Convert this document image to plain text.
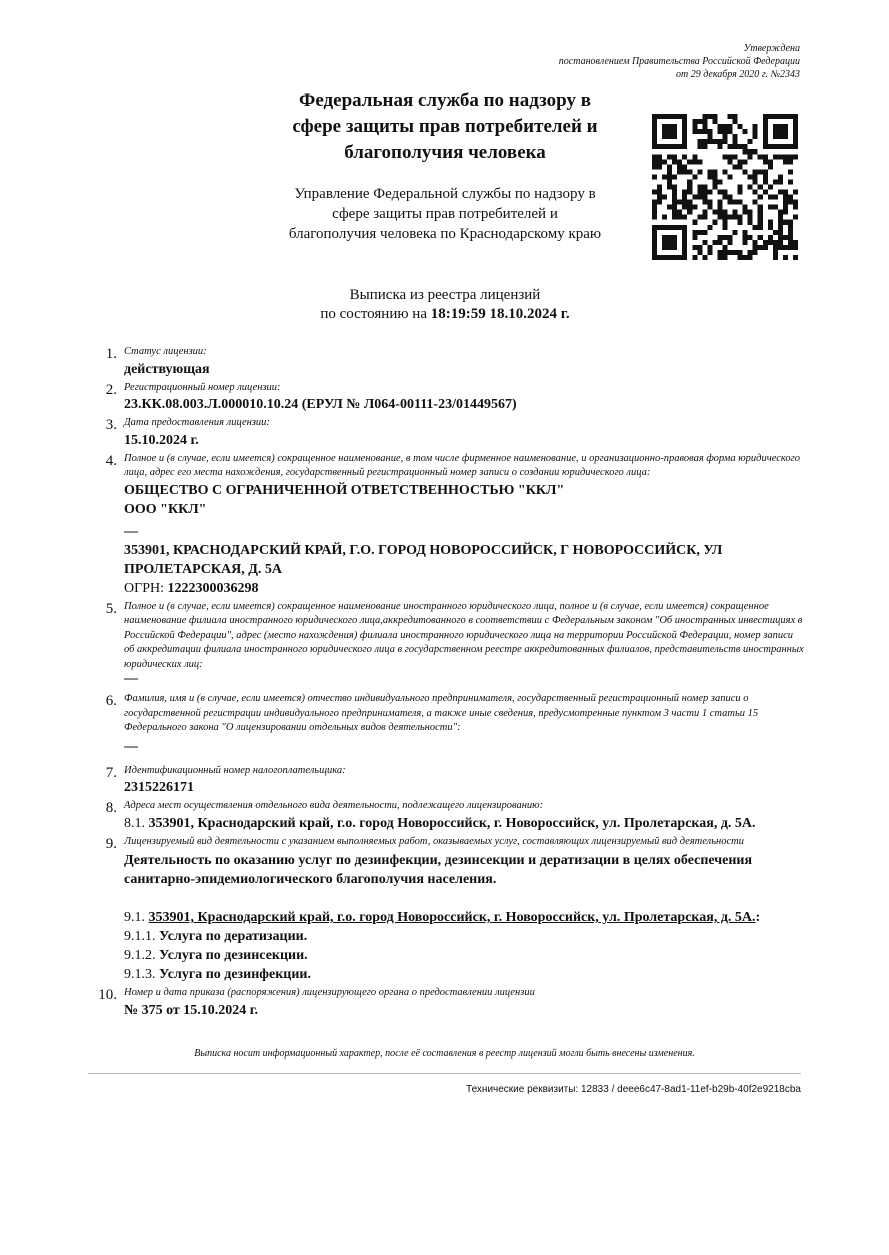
Утверждена
постановлением Правительства Российской Федерации
от 29 декабря 2020 г. №2343
Федеральная служба по надзору в
сфере защиты прав потребителей и
благополучия человека
Управление Федеральной службы по надзору в
сфере защиты прав потребителей и
благополучия человека по Краснодарскому краю
Выписка из реестра лицензий
по состоянию на 18:19:59 18.10.2024 г.
1. Статус лицензии:
действующая
2. Регистрационный номер лицензии:
23.КК.08.003.Л.000010.10.24 (ЕРУЛ № Л064-00111-23/01449567)
3. Дата предоставления лицензии:
15.10.2024 г.
4. Полное и (в случае, если имеется) сокращенное наименование, в том числе фирменное наименование, и организационно-правовая форма юридического лица, адрес его места нахождения, государственный регистрационный номер записи о создании юридического лица:
ОБЩЕСТВО С ОГРАНИЧЕННОЙ ОТВЕТСТВЕННОСТЬЮ "ККЛ"
ООО "ККЛ"
—
353901, КРАСНОДАРСКИЙ КРАЙ, Г.О. ГОРОД НОВОРОССИЙСК, Г НОВОРОССИЙСК, УЛ ПРОЛЕТАРСКАЯ, Д. 5А
ОГРН: 1222300036298
5. Полное и (в случае, если имеется) сокращенное наименование иностранного юридического лица, полное и (в случае, если имеется) сокращенное наименование филиала иностранного юридического лица,аккредитованного в соответствии с Федеральным законом "Об иностранных инвестициях в Российской Федерации", адрес (место нахождения) филиала иностранного юридического лица на территории Российской Федерации, номер записи об аккредитации филиала иностранного юридического лица в государственном реестре аккредитованных филиалов, представительств иностранных юридических лиц:
—
6. Фамилия, имя и (в случае, если имеется) отчество индивидуального предпринимателя, государственный регистрационный номер записи о государственной регистрации индивидуального предпринимателя, а также иные сведения, предусмотренные пунктом 3 части 1 статьи 15 Федерального закона "О лицензировании отдельных видов деятельности":
—
7. Идентификационный номер налогоплательщика:
2315226171
8. Адреса мест осуществления отдельного вида деятельности, подлежащего лицензированию:
8.1. 353901, Краснодарский край, г.о. город Новороссийск, г. Новороссийск, ул. Пролетарская, д. 5А.
9. Лицензируемый вид деятельности с указанием выполняемых работ, оказываемых услуг, составляющих лицензируемый вид деятельности
Деятельность по оказанию услуг по дезинфекции, дезинсекции и дератизации в целях обеспечения санитарно-эпидемиологического благополучия населения.
9.1. 353901, Краснодарский край, г.о. город Новороссийск, г. Новороссийск, ул. Пролетарская, д. 5А.:
9.1.1. Услуга по дератизации.
9.1.2. Услуга по дезинсекции.
9.1.3. Услуга по дезинфекции.
10. Номер и дата приказа (распоряжения) лицензирующего органа о предоставлении лицензии
№ 375 от 15.10.2024 г.
Выписка носит информационный характер, после её составления в реестр лицензий могли быть внесены изменения.
Технические реквизиты: 12833 / deee6c47-8ad1-11ef-b29b-40f2e9218cba
